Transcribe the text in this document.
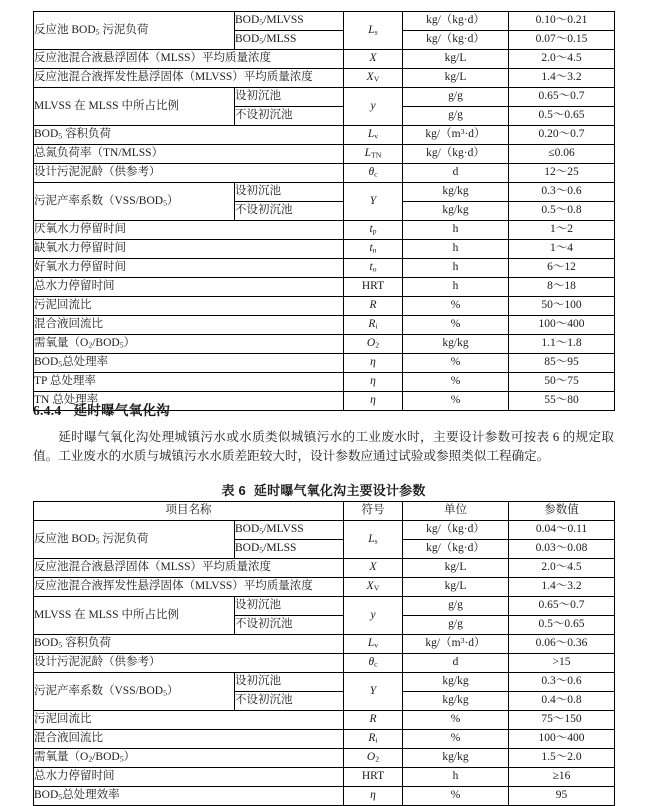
反应池 $BOD_5$ 污泥负荷	$BOD_5$/MLVSS	$L_s$	kg/（kg·d）	0.10～0.21
	$BOD_5$/MLSS		kg/（kg·d）	0.07～0.15
反应池混合液悬浮固体（MLSS）平均质量浓度		X	kg/L	2.0～4.5
反应池混合液挥发性悬浮固体（MLVSS）平均质量浓度		$X_V$	kg/L	1.4～3.2
MLVSS 在 MLSS 中所占比例	设初沉池	y	g/g	0.65～0.7
	不设初沉池		g/g	0.5～0.65
$BOD_5$ 容积负荷		$L_v$	$kg/(m^3\cdot d)$	0.20～0.7
总氮负荷率（TN/MLSS）		$L_{TN}$	kg/（kg·d）	≤0.06
设计污泥泥龄（供参考）		$\theta_c$	d	12～25
污泥产率系数$(VSS/BOD_5)$	设初沉池	Y	kg/kg	0.3～0.6
	不设初沉池		kg/kg	0.5～0.8
厌氧水力停留时间		$t_p$	h	1～2
缺氧水力停留时间		$t_n$	h	1～4
好氧水力停留时间		$t_o$	h	6～12
总水力停留时间		HRT	h	8～18
污泥回流比		R	%	50～100
混合液回流比		$R_i$	%	100～400
需氧量$(O_2/BOD_5)$		$O_2$	kg/kg	1.1～1.8
$BOD_5$总处理率		η	%	85～95
TP 总处理率		η	%	50～75
TN 总处理率		η	%	55～80
6.4.4 延时曝气氧化沟
延时曝气氧化沟处理城镇污水或水质类似城镇污水的工业废水时，主要设计参数可按表 6 的规定取值。工业废水的水质与城镇污水水质差距较大时，设计参数应通过试验或参照类似工程确定。
表 6 延时曝气氧化沟主要设计参数
项目名称		符号	单位	参数值
反应池 $BOD_5$ 污泥负荷	$BOD_5$/MLVSS	$L_s$	kg/（kg·d）	0.04～0.11
	$BOD_5$/MLSS		kg/（kg·d）	0.03～0.08
反应池混合液悬浮固体（MLSS）平均质量浓度		X	kg/L	2.0～4.5
反应池混合液挥发性悬浮固体（MLVSS）平均质量浓度		$X_V$	kg/L	1.4～3.2
MLVSS 在 MLSS 中所占比例	设初沉池	y	g/g	0.65～0.7
	不设初沉池		g/g	0.5～0.65
$BOD_5$ 容积负荷		$L_v$	$kg/(m^3\cdot d)$	0.06～0.36
设计污泥泥龄（供参考）		$\theta_c$	d	>15
污泥产率系数$(VSS/BOD_5)$	设初沉池	Y	kg/kg	0.3～0.6
	不设初沉池		kg/kg	0.4～0.8
污泥回流比		R	%	75～150
混合液回流比		$R_i$	%	100～400
需氧量$(O_2/BOD_5)$		$O_2$	kg/kg	1.5～2.0
总水力停留时间		HRT	h	≥16
$BOD_5$总处理效率		η	%	95
